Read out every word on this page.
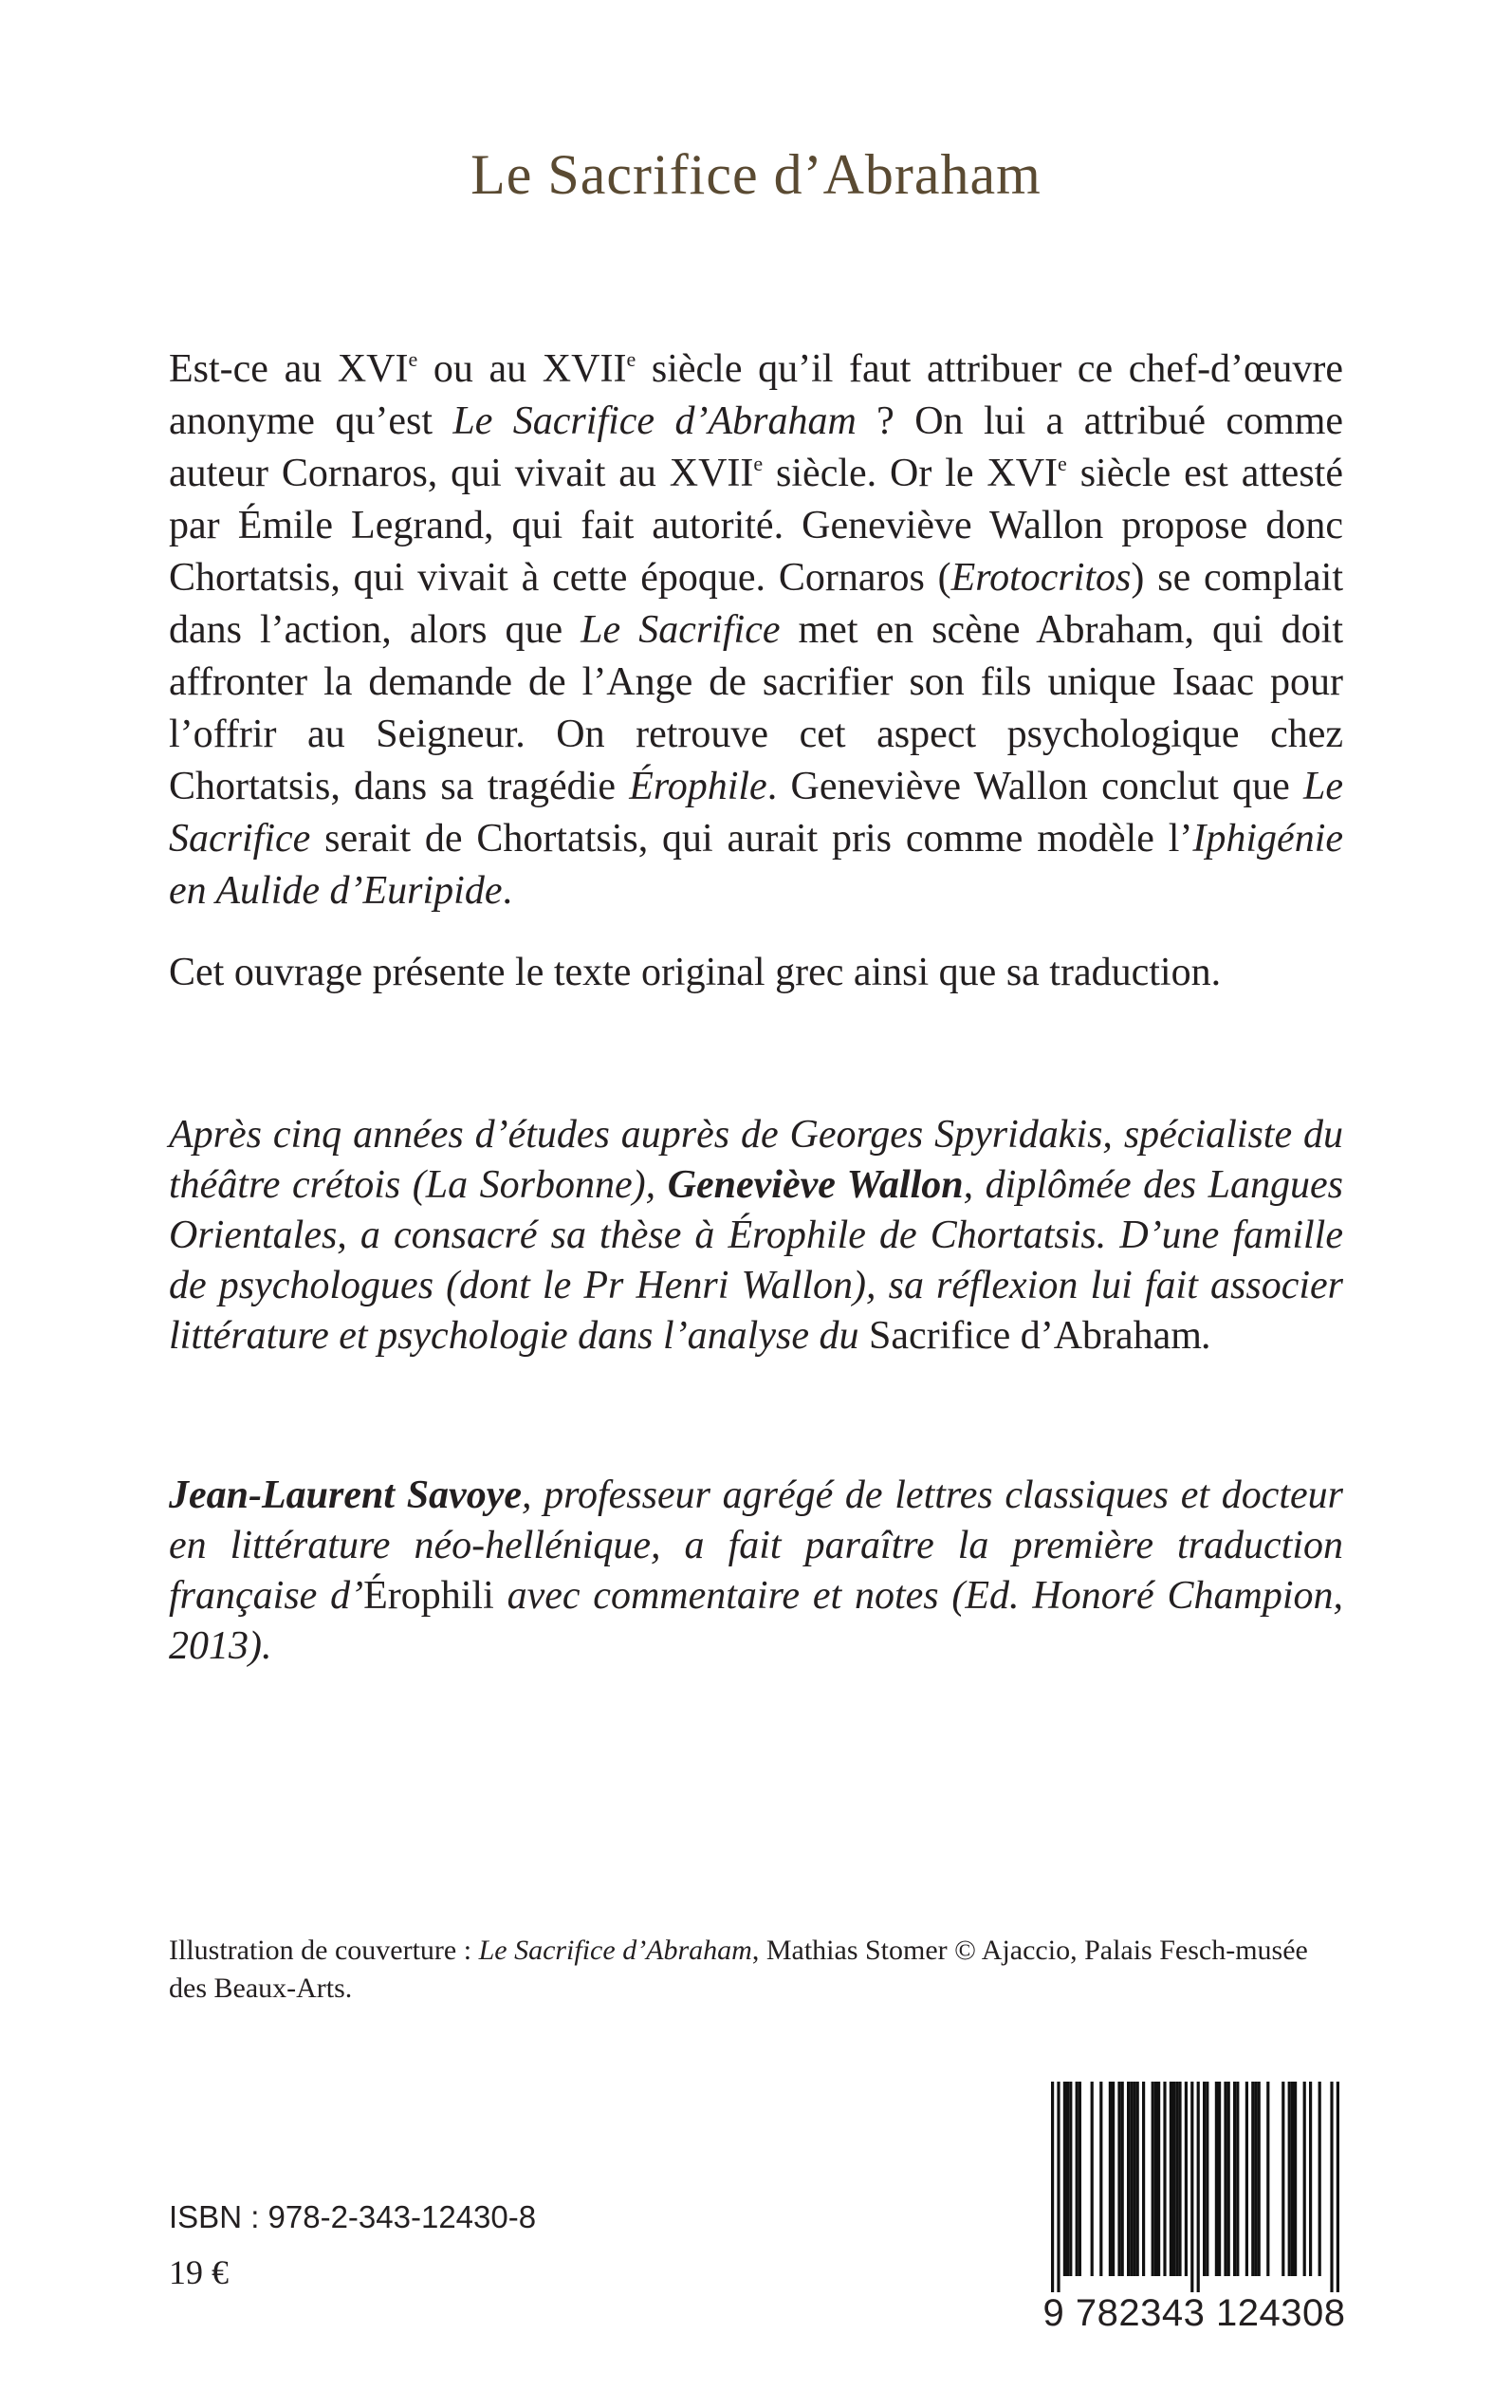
Le Sacrifice d’Abraham

Est-ce au XVIe ou au XVIIe siècle qu’il faut attribuer ce chef-d’œuvre anonyme qu’est Le Sacrifice d’Abraham ? On lui a attribué comme auteur Cornaros, qui vivait au XVIIe siècle. Or le XVIe siècle est attesté par Émile Legrand, qui fait autorité. Geneviève Wallon propose donc Chortatsis, qui vivait à cette époque. Cornaros (Erotocritos) se complait dans l’action, alors que Le Sacrifice met en scène Abraham, qui doit affronter la demande de l’Ange de sacrifier son fils unique Isaac pour l’offrir au Seigneur. On retrouve cet aspect psychologique chez Chortatsis, dans sa tragédie Érophile. Geneviève Wallon conclut que Le Sacrifice serait de Chortatsis, qui aurait pris comme modèle l’Iphigénie en Aulide d’Euripide.

Cet ouvrage présente le texte original grec ainsi que sa traduction.

Après cinq années d’études auprès de Georges Spyridakis, spécialiste du théâtre crétois (La Sorbonne), Geneviève Wallon, diplômée des Langues Orientales, a consacré sa thèse à Érophile de Chortatsis. D’une famille de psychologues (dont le Pr Henri Wallon), sa réflexion lui fait associer littérature et psychologie dans l’analyse du Sacrifice d’Abraham.

Jean-Laurent Savoye, professeur agrégé de lettres classiques et docteur en littérature néo-hellénique, a fait paraître la première traduction française d’Érophili avec commentaire et notes (Ed. Honoré Champion, 2013).

Illustration de couverture : Le Sacrifice d’Abraham, Mathias Stomer © Ajaccio, Palais Fesch-musée des Beaux-Arts.

ISBN : 978-2-343-12430-8
19 €
9 782343 124308
